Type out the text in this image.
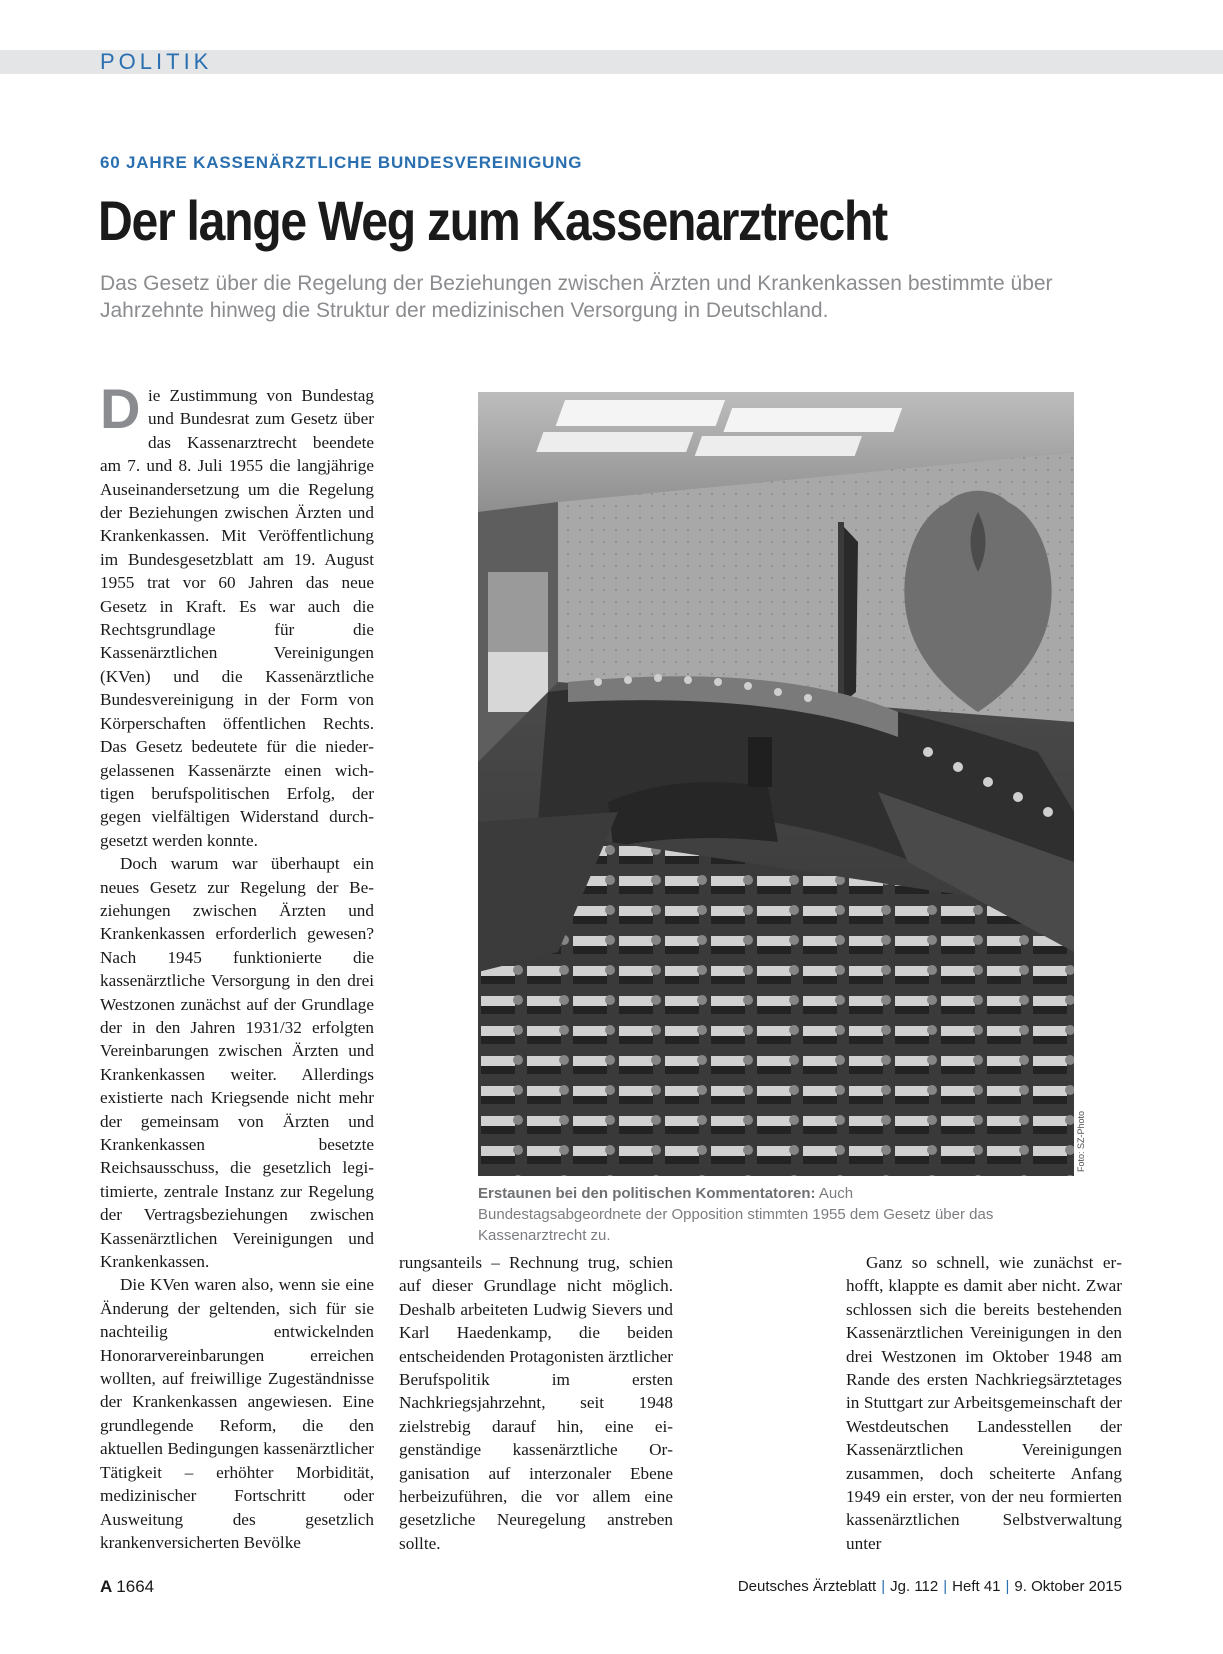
POLITIK
60 JAHRE KASSENÄRZTLICHE BUNDESVEREINIGUNG
Der lange Weg zum Kassenarztrecht
Das Gesetz über die Regelung der Beziehungen zwischen Ärzten und Krankenkassen bestimmte über Jahrzehnte hinweg die Struktur der medizinischen Versorgung in Deutschland.

Die Zustimmung von Bundestag und Bundesrat zum Gesetz über das Kassenarztrecht beendete am 7. und 8. Juli 1955 die langjährige Auseinandersetzung um die Regelung der Beziehungen zwischen Ärzten und Krankenkassen. Mit Veröffentlichung im Bundesgesetzblatt am 19. August 1955 trat vor 60 Jahren das neue Gesetz in Kraft. Es war auch die Rechtsgrundlage für die Kassenärztlichen Vereinigungen (KVen) und die Kassenärztliche Bundesvereinigung in der Form von Körperschaften öffentlichen Rechts. Das Gesetz bedeutete für die niedergelassenen Kassenärzte einen wichtigen berufspolitischen Erfolg, der gegen vielfältigen Widerstand durchgesetzt werden konnte.

Doch warum war überhaupt ein neues Gesetz zur Regelung der Beziehungen zwischen Ärzten und Krankenkassen erforderlich gewesen? Nach 1945 funktionierte die kassenärztliche Versorgung in den drei Westzonen zunächst auf der Grundlage der in den Jahren 1931/32 erfolgten Vereinbarungen zwischen Ärzten und Krankenkassen weiter. Allerdings existierte nach Kriegsende nicht mehr der gemeinsam von Ärzten und Krankenkassen besetzte Reichsausschuss, die gesetzlich legitimierte, zentrale Instanz zur Regelung der Vertragsbeziehungen zwischen Kassenärztlichen Vereinigungen und Krankenkassen.

Die KVen waren also, wenn sie eine Änderung der geltenden, sich für sie nachteilig entwickelnden Honorarvereinbarungen erreichen wollten, auf freiwillige Zugeständnisse der Krankenkassen angewiesen. Eine grundlegende Reform, die den aktuellen Bedingungen kassenärztlicher Tätigkeit – erhöhter Morbidität, medizinischer Fortschritt oder Ausweitung des gesetzlich krankenversicherten Bevölke

Foto: SZ-Photo
Erstaunen bei den politischen Kommentatoren: Auch Bundestagsabgeordnete der Opposition stimmten 1955 dem Gesetz über das Kassenarztrecht zu.

rungsanteils – Rechnung trug, schien auf dieser Grundlage nicht möglich. Deshalb arbeiteten Ludwig Sievers und Karl Haedenkamp, die beiden entscheidenden Protagonisten ärztlicher Berufspolitik im ersten Nachkriegsjahrzehnt, seit 1948 zielstrebig darauf hin, eine eigenständige kassenärztliche Organisation auf interzonaler Ebene herbeizuführen, die vor allem eine gesetzliche Neuregelung anstreben sollte.

Ganz so schnell, wie zunächst erhofft, klappte es damit aber nicht. Zwar schlossen sich die bereits bestehenden Kassenärztlichen Vereinigungen in den drei Westzonen im Oktober 1948 am Rande des ersten Nachkriegsärztetages in Stuttgart zur Arbeitsgemeinschaft der Westdeutschen Landesstellen der Kassenärztlichen Vereinigungen zusammen, doch scheiterte Anfang 1949 ein erster, von der neu formierten kassenärztlichen Selbstverwaltung unter

A 1664	Deutsches Ärzteblatt | Jg. 112 | Heft 41 | 9. Oktober 2015
